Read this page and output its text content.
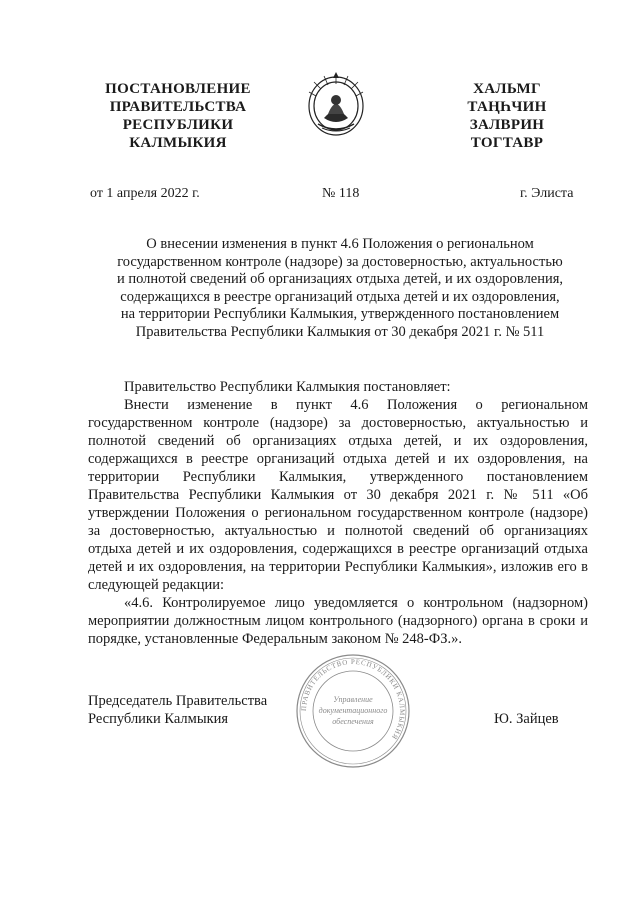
ПОСТАНОВЛЕНИЕ
ПРАВИТЕЛЬСТВА
РЕСПУБЛИКИ
КАЛМЫКИЯ
ХАЛЬМГ
ТАҢҺЧИН
ЗАЛВРИН
ТОГТАВР
от 1 апреля 2022 г.	№ 118	г. Элиста
О внесении изменения в пункт 4.6 Положения о региональном
государственном контроле (надзоре) за достоверностью, актуальностью
и полнотой сведений об организациях отдыха детей, и их оздоровления,
содержащихся в реестре организаций отдыха детей и их оздоровления,
на территории Республики Калмыкия, утвержденного постановлением
Правительства Республики Калмыкия от 30 декабря 2021 г. № 511

Правительство Республики Калмыкия постановляет:

Внести изменение в пункт 4.6 Положения о региональном государственном контроле (надзоре) за достоверностью, актуальностью и полнотой сведений об организациях отдыха детей, и их оздоровления, содержащихся в реестре организаций отдыха детей и их оздоровления, на территории Республики Калмыкия, утвержденного постановлением Правительства Республики Калмыкия от 30 декабря 2021 г. № 511 «Об утверждении Положения о региональном государственном контроле (надзоре) за достоверностью, актуальностью и полнотой сведений об организациях отдыха детей и их оздоровления, содержащихся в реестре организаций отдыха детей и их оздоровления, на территории Республики Калмыкия», изложив его в следующей редакции:

«4.6. Контролируемое лицо уведомляется о контрольном (надзорном) мероприятии должностным лицом контрольного (надзорного) органа в сроки и порядке, установленные Федеральным законом № 248-ФЗ.».

ПРАВИТЕЛЬСТВО РЕСПУБЛИКИ КАЛМЫКИЯ
Управление
документационного
обеспечения
Председатель Правительства
Республики Калмыкия	Ю. Зайцев
